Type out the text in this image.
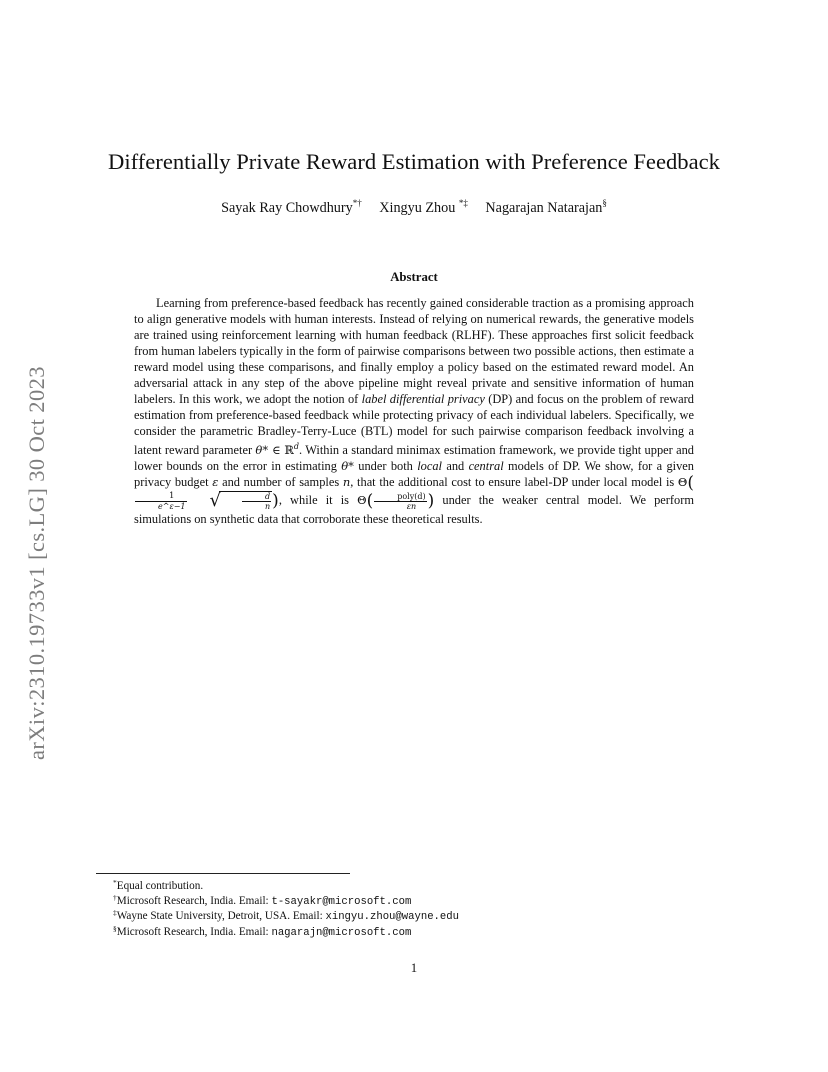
arXiv:2310.19733v1 [cs.LG] 30 Oct 2023
Differentially Private Reward Estimation with Preference Feedback
Sayak Ray Chowdhury*† Xingyu Zhou *‡ Nagarajan Natarajan§
Abstract

Learning from preference-based feedback has recently gained considerable traction as a promising approach to align generative models with human interests. Instead of relying on numerical rewards, the generative models are trained using reinforcement learning with human feedback (RLHF). These approaches first solicit feedback from human labelers typically in the form of pairwise comparisons between two possible actions, then estimate a reward model using these comparisons, and finally employ a policy based on the estimated reward model. An adversarial attack in any step of the above pipeline might reveal private and sensitive information of human labelers. In this work, we adopt the notion of label differential privacy (DP) and focus on the problem of reward estimation from preference-based feedback while protecting privacy of each individual labelers. Specifically, we consider the parametric Bradley-Terry-Luce (BTL) model for such pairwise comparison feedback involving a latent reward parameter θ* ∈ ℝ$^d$. Within a standard minimax estimation framework, we provide tight upper and lower bounds on the error in estimating θ* under both local and central models of DP. We show, for a given privacy budget ε and number of samples n, that the additional cost to ensure label-DP under local model is Θ(
$\frac{1}{e\^{}\varepsilon-1}$ √	$\frac{d}{n}$ ), while it is $\Theta( \frac{\text{poly(d)}}{\varepsilon n}$ ) under the weaker central model. We perform simulations on synthetic data that corroborate these theoretical results.

*Equal contribution.
†Microsoft Research, India. Email: t-sayakr@microsoft.com
‡Wayne State University, Detroit, USA. Email: xingyu.zhou@wayne.edu
§Microsoft Research, India. Email: nagarajn@microsoft.com
1
